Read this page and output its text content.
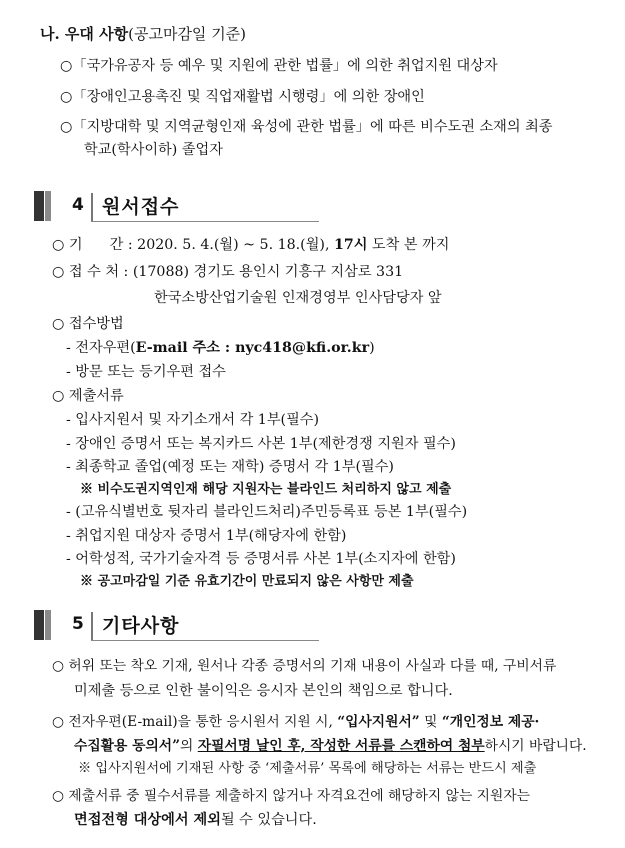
나. 우대 사항(공고마감일 기준)
○「국가유공자 등 예우 및 지원에 관한 법률」에 의한 취업지원 대상자
○「장애인고용촉진 및 직업재활법 시행령」에 의한 장애인
○「지방대학 및 지역균형인재 육성에 관한 법률」에 따른 비수도권 소재의 최종
학교(학사이하) 졸업자
4 원서접수
○ 기      간 : 2020. 5. 4.(월) ~ 5. 18.(월), 17시 도착 본 까지
○ 접 수 처 : (17088) 경기도 용인시 기흥구 지삼로 331
한국소방산업기술원 인재경영부 인사담당자 앞
○ 접수방법
- 전자우편(E-mail 주소 : nyc418@kfi.or.kr)
- 방문 또는 등기우편 접수
○ 제출서류
- 입사지원서 및 자기소개서 각 1부(필수)
- 장애인 증명서 또는 복지카드 사본 1부(제한경쟁 지원자 필수)
- 최종학교 졸업(예정 또는 재학) 증명서 각 1부(필수)
※ 비수도권지역인재 해당 지원자는 블라인드 처리하지 않고 제출
- (고유식별번호 뒷자리 블라인드처리)주민등록표 등본 1부(필수)
- 취업지원 대상자 증명서 1부(해당자에 한함)
- 어학성적, 국가기술자격 등 증명서류 사본 1부(소지자에 한함)
※ 공고마감일 기준 유효기간이 만료되지 않은 사항만 제출
5 기타사항
○ 허위 또는 착오 기재, 원서나 각종 증명서의 기재 내용이 사실과 다를 때, 구비서류
미제출 등으로 인한 불이익은 응시자 본인의 책임으로 합니다.
○ 전자우편(E-mail)을 통한 응시원서 지원 시, “입사지원서” 및 “개인정보 제공·
수집활용 동의서”의 자필서명 날인 후, 작성한 서류를 스캔하여 첨부하시기 바랍니다.
※ 입사지원서에 기재된 사항 중 ‘제출서류’ 목록에 해당하는 서류는 반드시 제출
○ 제출서류 중 필수서류를 제출하지 않거나 자격요건에 해당하지 않는 지원자는
면접전형 대상에서 제외될 수 있습니다.
